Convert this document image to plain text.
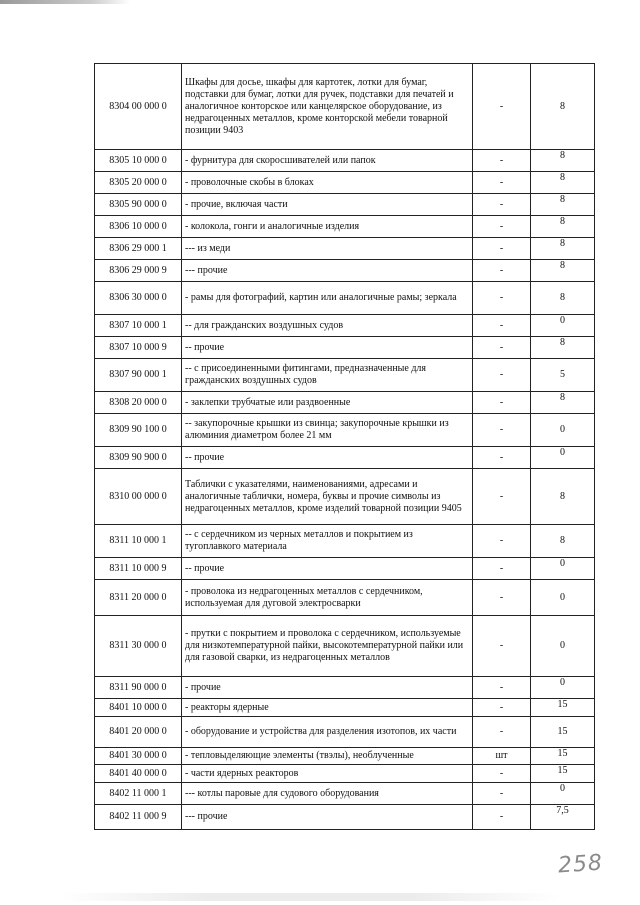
8304 00 000 0	Шкафы для досье, шкафы для картотек, лотки для бумаг, подставки для бумаг, лотки для ручек, подставки для печатей и аналогичное конторское или канцелярское оборудование, из недрагоценных металлов, кроме конторской мебели товарной позиции 9403	-	8
8305 10 000 0	- фурнитура для скоросшивателей или папок	-	8

8305 20 000 0	- проволочные скобы в блоках	-	8

8305 90 000 0	- прочие, включая части	-	8

8306 10 000 0	- колокола, гонги и аналогичные изделия	-	8

8306 29 000 1	--- из меди	-	8

8306 29 000 9	--- прочие	-	8

8306 30 000 0	- рамы для фотографий, картин или аналогичные рамы; зеркала	-	8
8307 10 000 1	-- для гражданских воздушных судов	-	0

8307 10 000 9	-- прочие	-	8

8307 90 000 1	-- с присоединенными фитингами, предназначенные для гражданских воздушных судов	-	5
8308 20 000 0	- заклепки трубчатые или раздвоенные	-	8

8309 90 100 0	-- закупорочные крышки из свинца; закупорочные крышки из алюминия диаметром более 21 мм	-	0
8309 90 900 0	-- прочие	-	0

8310 00 000 0	Таблички с указателями, наименованиями, адресами и аналогичные таблички, номера, буквы и прочие символы из недрагоценных металлов, кроме изделий товарной позиции 9405	-	8
8311 10 000 1	-- с сердечником из черных металлов и покрытием из тугоплавкого материала	-	8
8311 10 000 9	-- прочие	-	0

8311 20 000 0	- проволока из недрагоценных металлов с сердечником, используемая для дуговой электросварки	-	0
8311 30 000 0	- прутки с покрытием и проволока с сердечником, используемые для низкотемпературной пайки, высокотемпературной пайки или для газовой сварки, из недрагоценных металлов	-	0
8311 90 000 0	- прочие	-	0

8401 10 000 0	- реакторы ядерные	-	15

8401 20 000 0	- оборудование и устройства для разделения изотопов, их части	-	15
8401 30 000 0	- тепловыделяющие элементы (твэлы), необлученные	шт	15

8401 40 000 0	- части ядерных реакторов	-	15

8402 11 000 1	--- котлы паровые для судового оборудования	-	0

8402 11 000 9	--- прочие	-	7,5
258
